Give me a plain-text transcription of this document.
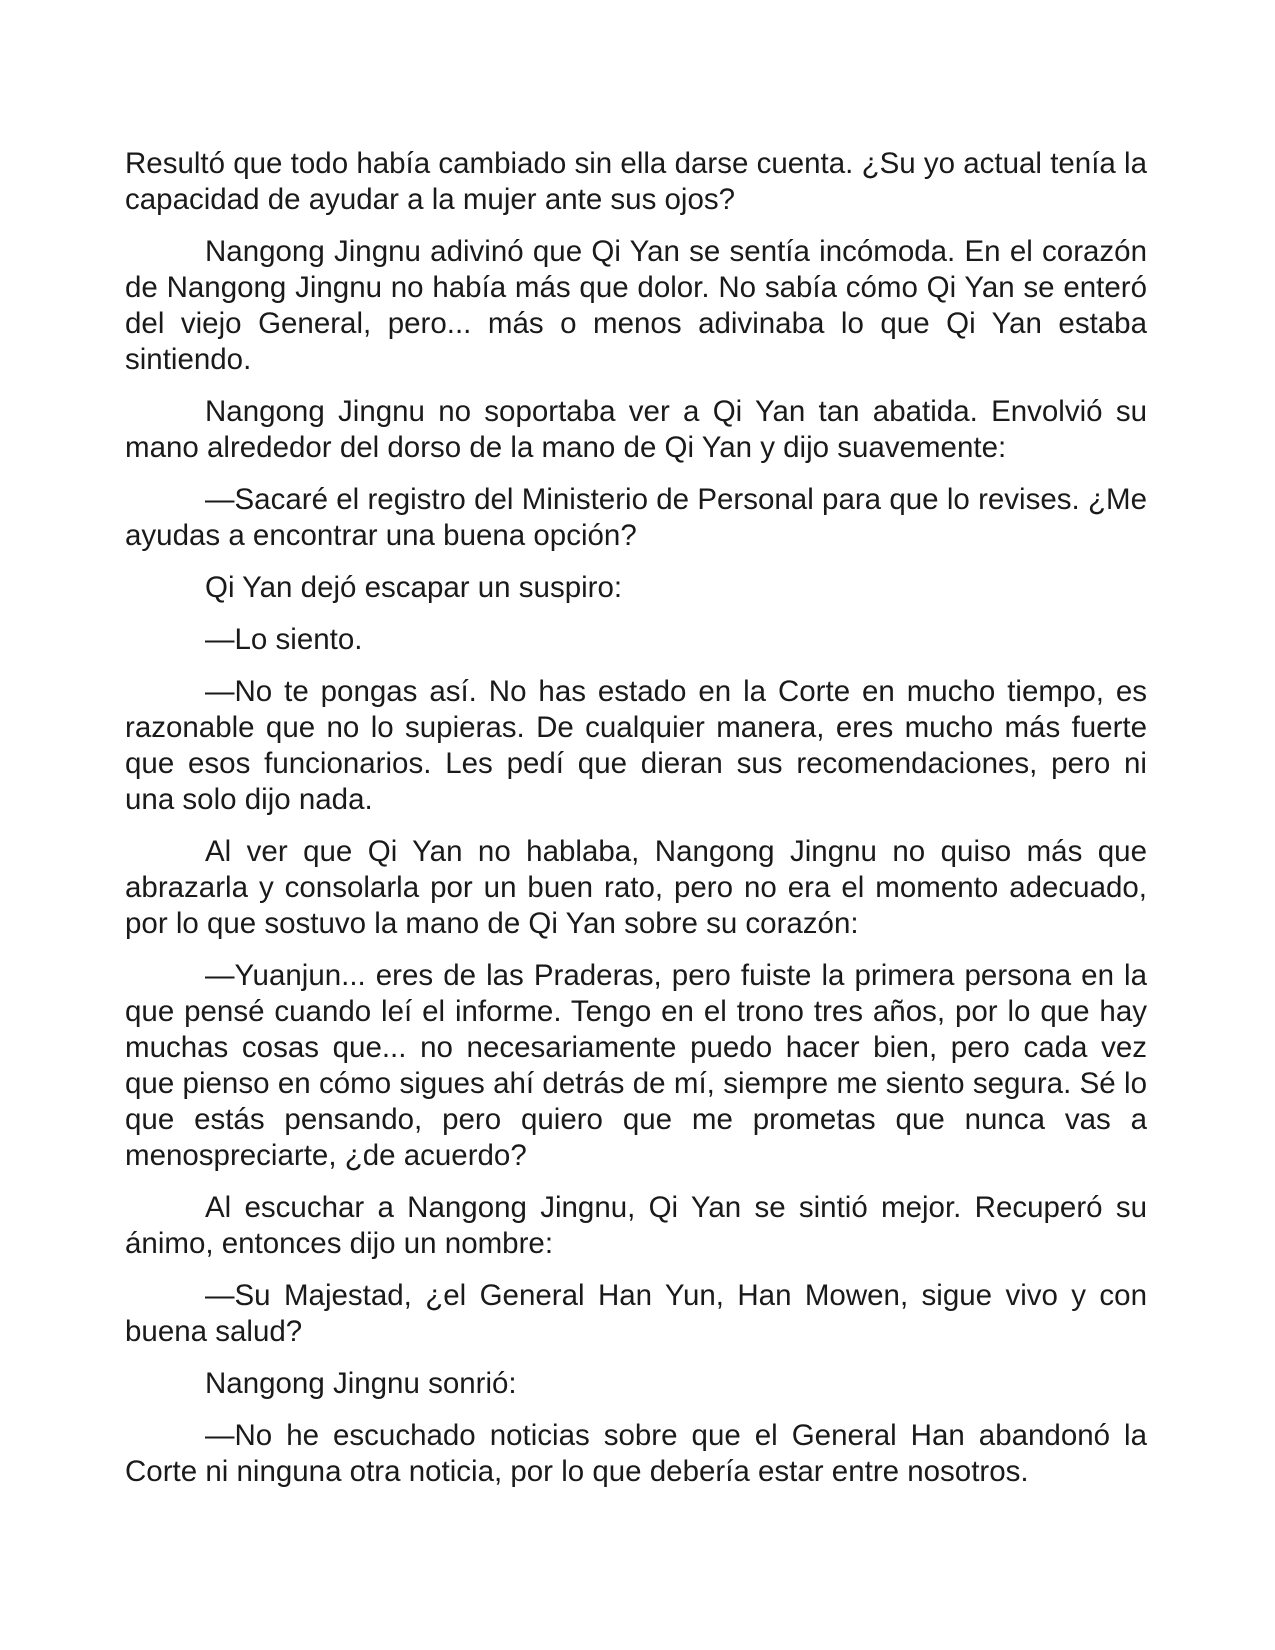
Resultó que todo había cambiado sin ella darse cuenta. ¿Su yo actual tenía la capacidad de ayudar a la mujer ante sus ojos?

Nangong Jingnu adivinó que Qi Yan se sentía incómoda. En el corazón de Nangong Jingnu no había más que dolor. No sabía cómo Qi Yan se enteró del viejo General, pero... más o menos adivinaba lo que Qi Yan estaba sintiendo.

Nangong Jingnu no soportaba ver a Qi Yan tan abatida. Envolvió su mano alrededor del dorso de la mano de Qi Yan y dijo suavemente:

—Sacaré el registro del Ministerio de Personal para que lo revises. ¿Me ayudas a encontrar una buena opción?

Qi Yan dejó escapar un suspiro:

—Lo siento.

—No te pongas así. No has estado en la Corte en mucho tiempo, es razonable que no lo supieras. De cualquier manera, eres mucho más fuerte que esos funcionarios. Les pedí que dieran sus recomendaciones, pero ni una solo dijo nada.

Al ver que Qi Yan no hablaba, Nangong Jingnu no quiso más que abrazarla y consolarla por un buen rato, pero no era el momento adecuado, por lo que sostuvo la mano de Qi Yan sobre su corazón:

—Yuanjun... eres de las Praderas, pero fuiste la primera persona en la que pensé cuando leí el informe. Tengo en el trono tres años, por lo que hay muchas cosas que... no necesariamente puedo hacer bien, pero cada vez que pienso en cómo sigues ahí detrás de mí, siempre me siento segura. Sé lo que estás pensando, pero quiero que me prometas que nunca vas a menospreciarte, ¿de acuerdo?

Al escuchar a Nangong Jingnu, Qi Yan se sintió mejor. Recuperó su ánimo, entonces dijo un nombre:

—Su Majestad, ¿el General Han Yun, Han Mowen, sigue vivo y con buena salud?

Nangong Jingnu sonrió:

—No he escuchado noticias sobre que el General Han abandonó la Corte ni ninguna otra noticia, por lo que debería estar entre nosotros.
